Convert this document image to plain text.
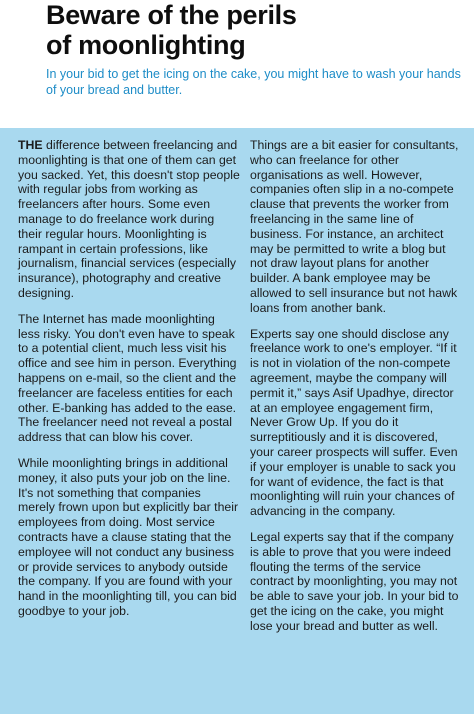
Beware of the perils
of moonlighting
In your bid to get the icing on the cake, you might have to wash your hands of your bread and butter.

THE difference between freelancing and moonlighting is that one of them can get you sacked. Yet, this doesn't stop people with regular jobs from working as freelancers after hours. Some even manage to do freelance work during their regular hours. Moonlighting is rampant in certain professions, like journalism, financial services (especially insurance), photography and creative designing.

The Internet has made moonlighting less risky. You don't even have to speak to a potential client, much less visit his office and see him in person. Everything happens on e-mail, so the client and the freelancer are faceless entities for each other. E-banking has added to the ease. The freelancer need not reveal a postal address that can blow his cover.

While moonlighting brings in additional money, it also puts your job on the line. It's not something that companies merely frown upon but explicitly bar their employees from doing. Most service contracts have a clause stating that the employee will not conduct any business or provide services to anybody outside the company. If you are found with your hand in the moonlighting till, you can bid goodbye to your job.

Things are a bit easier for consultants, who can freelance for other organisations as well. However, companies often slip in a no-compete clause that prevents the worker from freelancing in the same line of business. For instance, an architect may be permitted to write a blog but not draw layout plans for another builder. A bank employee may be allowed to sell insurance but not hawk loans from another bank.

Experts say one should disclose any freelance work to one's employer. “If it is not in violation of the non-compete agreement, maybe the company will permit it,” says Asif Upadhye, director at an employee engagement firm, Never Grow Up. If you do it surreptitiously and it is discovered, your career prospects will suffer. Even if your employer is unable to sack you for want of evidence, the fact is that moonlighting will ruin your chances of advancing in the company.

Legal experts say that if the company is able to prove that you were indeed flouting the terms of the service contract by moonlighting, you may not be able to save your job. In your bid to get the icing on the cake, you might lose your bread and butter as well.
